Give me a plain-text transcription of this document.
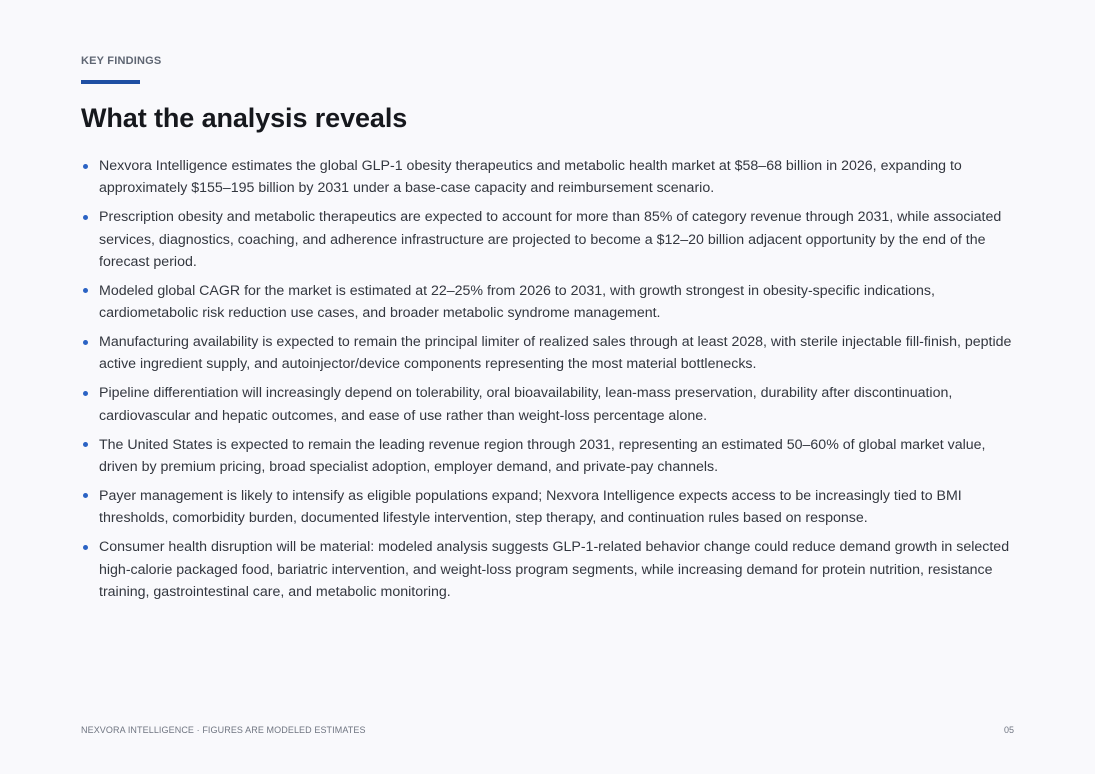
KEY FINDINGS
What the analysis reveals
Nexvora Intelligence estimates the global GLP-1 obesity therapeutics and metabolic health market at $58–68 billion in 2026, expanding to approximately $155–195 billion by 2031 under a base-case capacity and reimbursement scenario.
Prescription obesity and metabolic therapeutics are expected to account for more than 85% of category revenue through 2031, while associated services, diagnostics, coaching, and adherence infrastructure are projected to become a $12–20 billion adjacent opportunity by the end of the forecast period.
Modeled global CAGR for the market is estimated at 22–25% from 2026 to 2031, with growth strongest in obesity-specific indications, cardiometabolic risk reduction use cases, and broader metabolic syndrome management.
Manufacturing availability is expected to remain the principal limiter of realized sales through at least 2028, with sterile injectable fill-finish, peptide active ingredient supply, and autoinjector/device components representing the most material bottlenecks.
Pipeline differentiation will increasingly depend on tolerability, oral bioavailability, lean-mass preservation, durability after discontinuation, cardiovascular and hepatic outcomes, and ease of use rather than weight-loss percentage alone.
The United States is expected to remain the leading revenue region through 2031, representing an estimated 50–60% of global market value, driven by premium pricing, broad specialist adoption, employer demand, and private-pay channels.
Payer management is likely to intensify as eligible populations expand; Nexvora Intelligence expects access to be increasingly tied to BMI thresholds, comorbidity burden, documented lifestyle intervention, step therapy, and continuation rules based on response.
Consumer health disruption will be material: modeled analysis suggests GLP-1-related behavior change could reduce demand growth in selected high-calorie packaged food, bariatric intervention, and weight-loss program segments, while increasing demand for protein nutrition, resistance training, gastrointestinal care, and metabolic monitoring.
NEXVORA INTELLIGENCE · FIGURES ARE MODELED ESTIMATES	05
